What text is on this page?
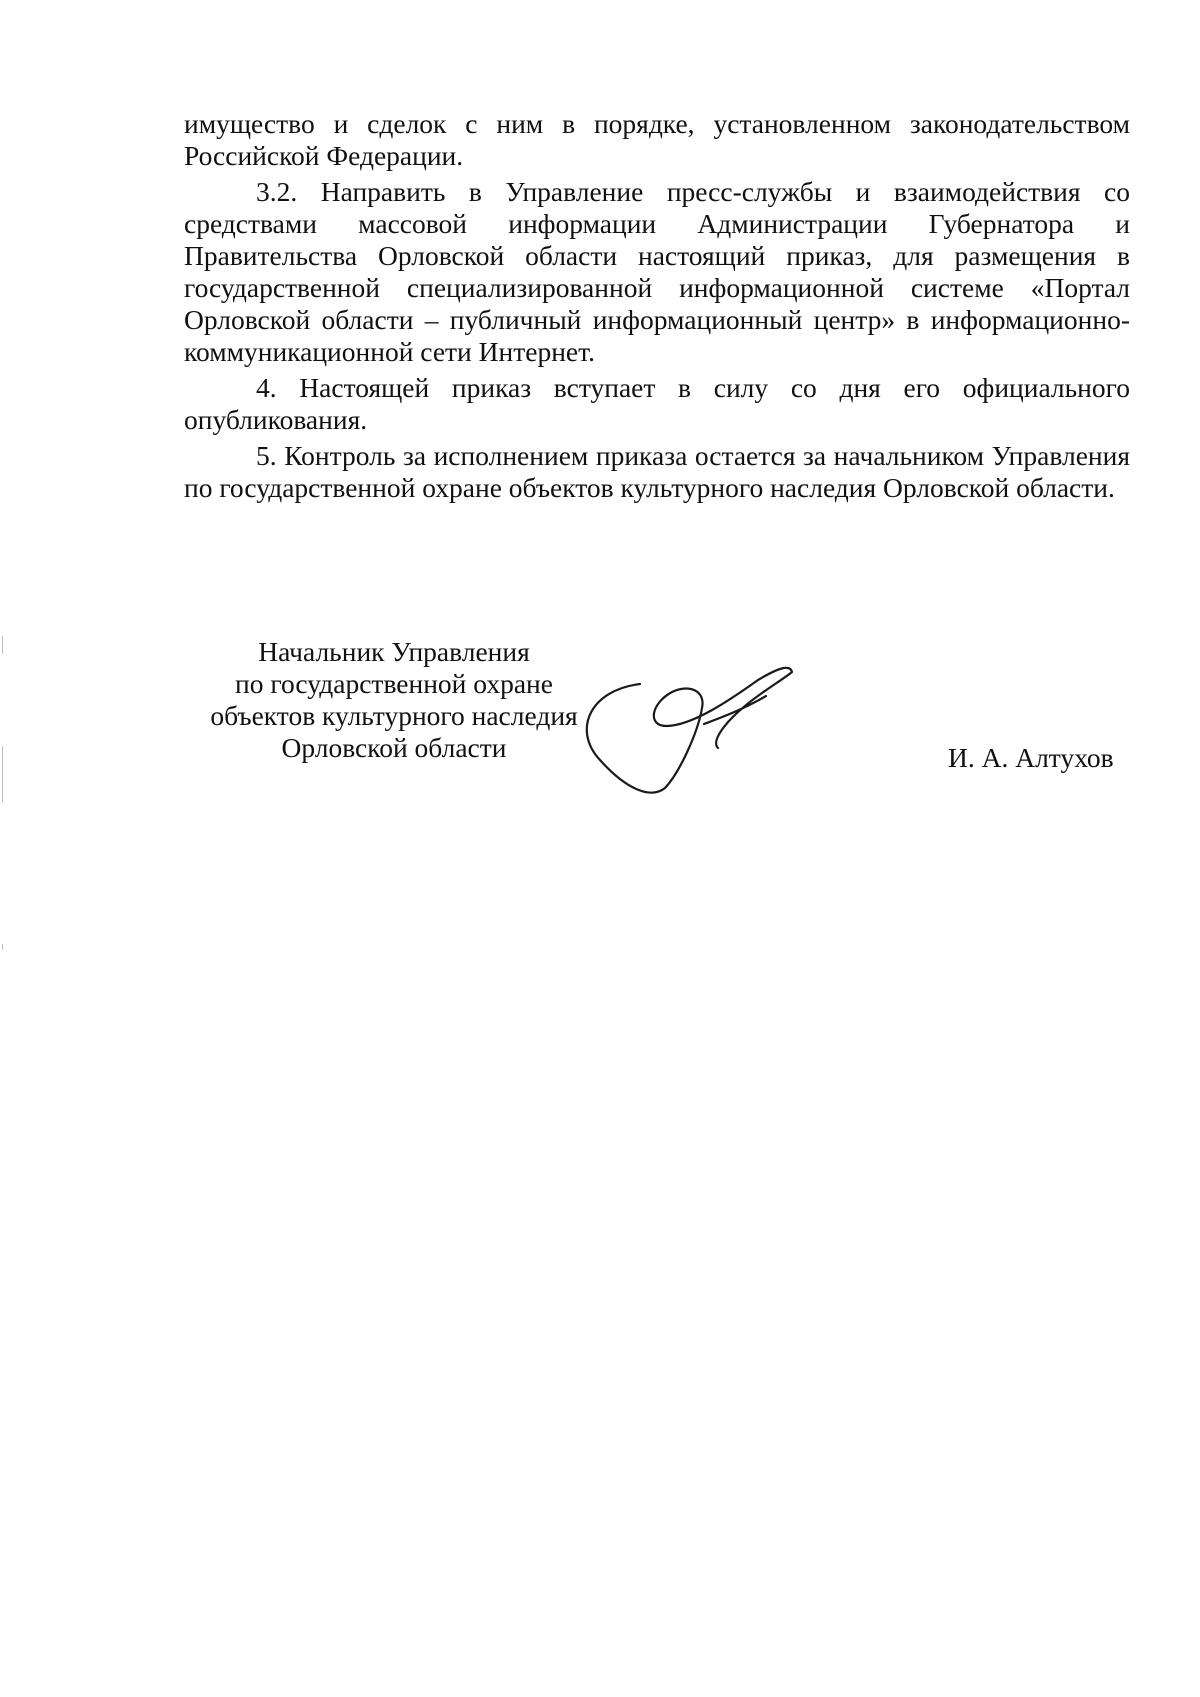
имущество и сделок с ним в порядке, установленном законодательством Российской Федерации.

3.2. Направить в Управление пресс-службы и взаимодействия со средствами массовой информации Администрации Губернатора и Правительства Орловской области настоящий приказ, для размещения в государственной специализированной информационной системе «Портал Орловской области – публичный информационный центр» в информационно-коммуникационной сети Интернет.

4. Настоящей приказ вступает в силу со дня его официального опубликования.

5. Контроль за исполнением приказа остается за начальником Управления по государственной охране объектов культурного наследия Орловской области.

Начальник Управления
по государственной охране
объектов культурного наследия
Орловской области	И. А. Алтухов
